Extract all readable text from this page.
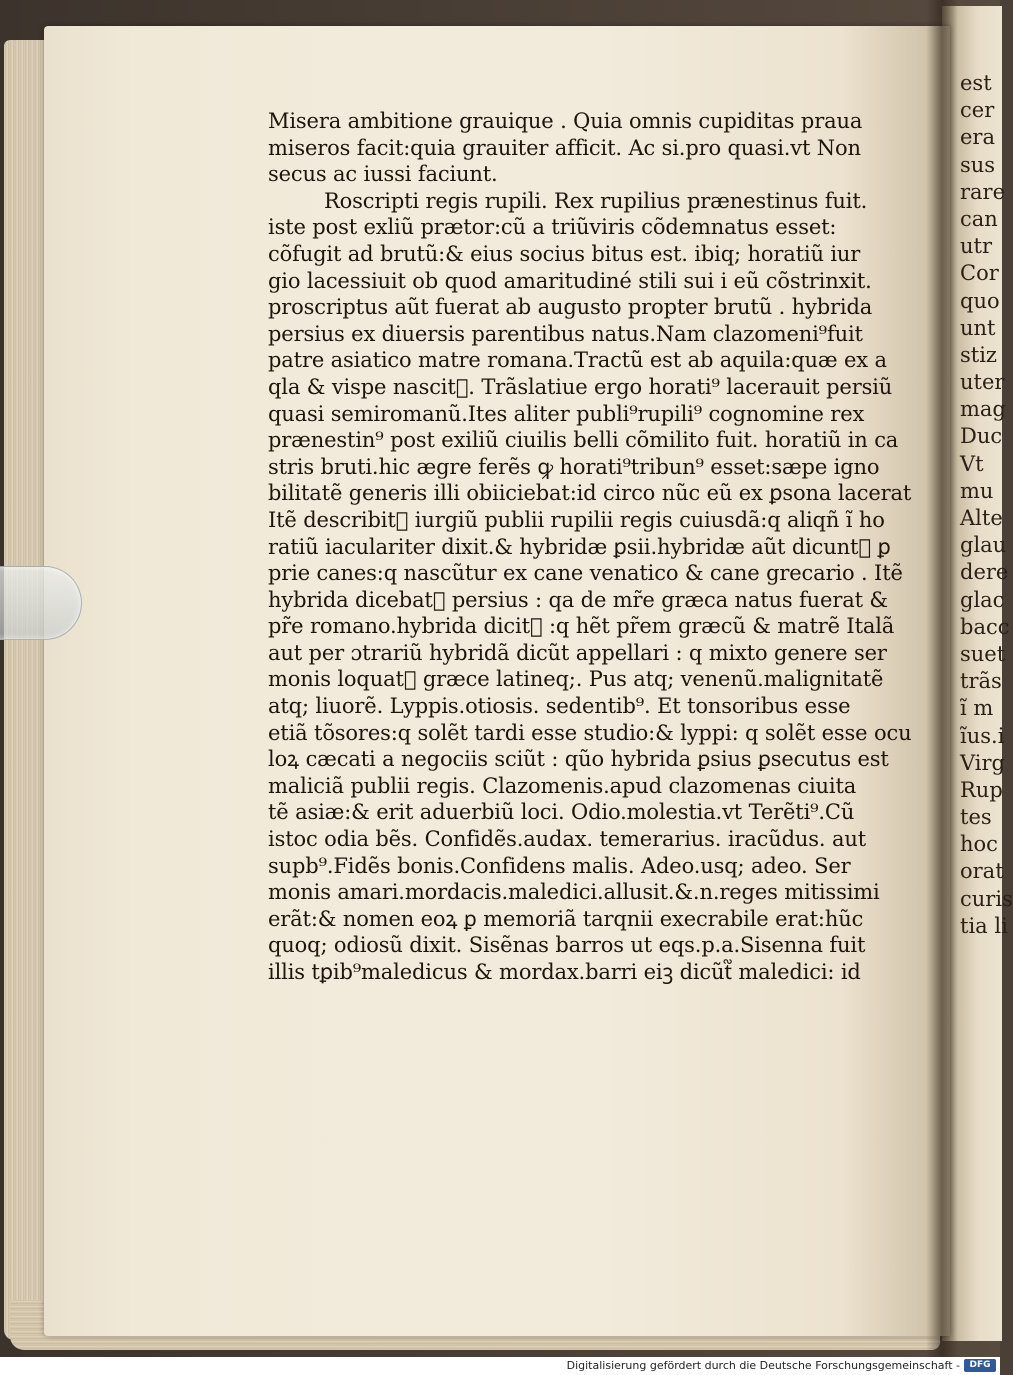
est
cer
era
sus
rare
can
utr
Cor
quo
unt
stiz
uter
mag
Duc
Vt
mu
Alte
glau
dere
glac
bacc
suet
trãs
ĩ m
ĩus.i
Virg
Rup
tes
hoc
orat
curis
tia li
Misera ambitione grauique . Quia omnis cupiditas praua
miseros facit:quia grauiter afficit. Ac si.pro quasi.vt Non
secus ac iussi faciunt.
Roscripti regis rupili. Rex rupilius prænestinus fuit.
iste post exliũ prætor:cũ a triũviris cõdemnatus esset:
cõfugit ad brutũ:& eius socius bitus est. ibiq; horatiũ iur
gio lacessiuit ob quod amaritudiné stili sui i eũ cõstrinxit.
proscriptus aũt fuerat ab augusto propter brutũ . hybrida
persius ex diuersis parentibus natus.Nam clazomeni⁹fuit
patre asiatico matre romana.Tractũ est ab aquila:quæ ex a
qla & vispe nascit᷑. Trãslatiue ergo horati⁹ lacerauit persiũ
quasi semiromanũ.Ites aliter publi⁹rupili⁹ cognomine rex
prænestin⁹ post exiliũ ciuilis belli cõmilito fuit. horatiũ in ca
stris bruti.hic ægre ferẽs ꝙ horati⁹tribun⁹ esset:sæpe igno
bilitatẽ generis illi obiiciebat:id circo nũc eũ ex ꝑsona lacerat
Itẽ describit᷑ iurgiũ publii rupilii regis cuiusdã:q aliqñ ĩ ho
ratiũ iaculariter dixit.& hybridæ ꝑsii.hybridæ aũt dicunt᷑ ꝑ
prie canes:q nascũtur ex cane venatico & cane grecario . Itẽ
hybrida dicebat᷑ persius : qa de mr̃e græca natus fuerat &
pr̃e romano.hybrida dicit᷑ :q hẽt pr̃em græcũ & matrẽ Italã
aut per ɔtrariũ hybridã dicũt appellari : q mixto genere ser
monis loquat᷑ græce latineq;. Pus atq; venenũ.malignitatẽ
atq; liuorẽ. Lyppis.otiosis. sedentib⁹. Et tonsoribus esse
etiã tõsores:q solẽt tardi esse studio:& lyppi: q solẽt esse ocu
loꝝ cæcati a negociis sciũt : qũo hybrida ꝑsius ꝑsecutus est
maliciã publii regis. Clazomenis.apud clazomenas ciuita
tẽ asiæ:& erit aduerbiũ loci. Odio.molestia.vt Terẽti⁹.Cũ
istoc odia bẽs. Confidẽs.audax. temerarius. iracũdus. aut
supb⁹.Fidẽs bonis.Confidens malis. Adeo.usq; adeo. Ser
monis amari.mordacis.maledici.allusit.&.n.reges mitissimi
erãt:& nomen eoꝝ ꝑ memoriã tarqnii execrabile erat:hũc
quoq; odiosũ dixit. Sisẽnas barros ut eqs.p.a.Sisenna fuit
illis tꝑib⁹maledicus & mordax.barri eiꝫ dicũt᷑ maledici: id
Digitalisierung gefördert durch die Deutsche Forschungsgemeinschaft -	DFG
